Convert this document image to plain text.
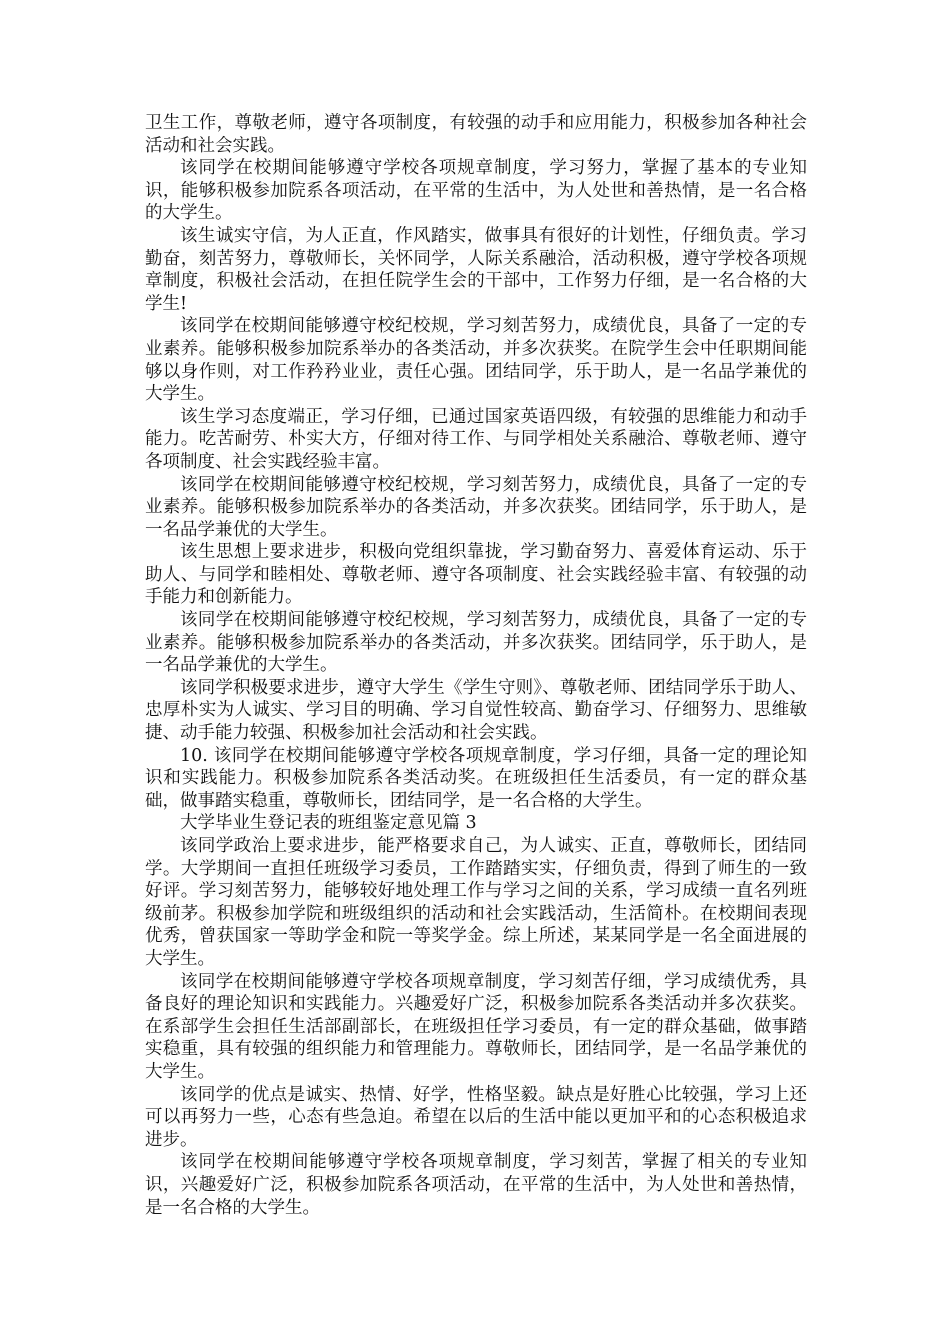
卫生工作，尊敬老师，遵守各项制度，有较强的动手和应用能力，积极参加各种社会活动和社会实践。

该同学在校期间能够遵守学校各项规章制度，学习努力，掌握了基本的专业知识，能够积极参加院系各项活动，在平常的生活中，为人处世和善热情，是一名合格的大学生。

该生诚实守信，为人正直，作风踏实，做事具有很好的计划性，仔细负责。学习勤奋，刻苦努力，尊敬师长，关怀同学，人际关系融洽，活动积极，遵守学校各项规章制度，积极社会活动，在担任院学生会的干部中，工作努力仔细，是一名合格的大学生!

该同学在校期间能够遵守校纪校规，学习刻苦努力，成绩优良，具备了一定的专业素养。能够积极参加院系举办的各类活动，并多次获奖。在院学生会中任职期间能够以身作则，对工作矜矜业业，责任心强。团结同学，乐于助人，是一名品学兼优的大学生。

该生学习态度端正，学习仔细，已通过国家英语四级，有较强的思维能力和动手能力。吃苦耐劳、朴实大方，仔细对待工作、与同学相处关系融洽、尊敬老师、遵守各项制度、社会实践经验丰富。

该同学在校期间能够遵守校纪校规，学习刻苦努力，成绩优良，具备了一定的专业素养。能够积极参加院系举办的各类活动，并多次获奖。团结同学，乐于助人，是一名品学兼优的大学生。

该生思想上要求进步，积极向党组织靠拢，学习勤奋努力、喜爱体育运动、乐于助人、与同学和睦相处、尊敬老师、遵守各项制度、社会实践经验丰富、有较强的动手能力和创新能力。

该同学在校期间能够遵守校纪校规，学习刻苦努力，成绩优良，具备了一定的专业素养。能够积极参加院系举办的各类活动，并多次获奖。团结同学，乐于助人，是一名品学兼优的大学生。

该同学积极要求进步，遵守大学生《学生守则》、尊敬老师、团结同学乐于助人、忠厚朴实为人诚实、学习目的明确、学习自觉性较高、勤奋学习、仔细努力、思维敏捷、动手能力较强、积极参加社会活动和社会实践。

10. 该同学在校期间能够遵守学校各项规章制度，学习仔细，具备一定的理论知识和实践能力。积极参加院系各类活动奖。在班级担任生活委员，有一定的群众基础，做事踏实稳重，尊敬师长，团结同学，是一名合格的大学生。

大学毕业生登记表的班组鉴定意见篇 3

该同学政治上要求进步，能严格要求自己，为人诚实、正直，尊敬师长，团结同学。大学期间一直担任班级学习委员，工作踏踏实实，仔细负责，得到了师生的一致好评。学习刻苦努力，能够较好地处理工作与学习之间的关系，学习成绩一直名列班级前茅。积极参加学院和班级组织的活动和社会实践活动，生活简朴。在校期间表现优秀，曾获国家一等助学金和院一等奖学金。综上所述，某某同学是一名全面进展的大学生。

该同学在校期间能够遵守学校各项规章制度，学习刻苦仔细，学习成绩优秀，具备良好的理论知识和实践能力。兴趣爱好广泛，积极参加院系各类活动并多次获奖。在系部学生会担任生活部副部长，在班级担任学习委员，有一定的群众基础，做事踏实稳重，具有较强的组织能力和管理能力。尊敬师长，团结同学，是一名品学兼优的大学生。

该同学的优点是诚实、热情、好学，性格坚毅。缺点是好胜心比较强，学习上还可以再努力一些，心态有些急迫。希望在以后的生活中能以更加平和的心态积极追求进步。

该同学在校期间能够遵守学校各项规章制度，学习刻苦，掌握了相关的专业知识，兴趣爱好广泛，积极参加院系各项活动，在平常的生活中，为人处世和善热情，是一名合格的大学生。
